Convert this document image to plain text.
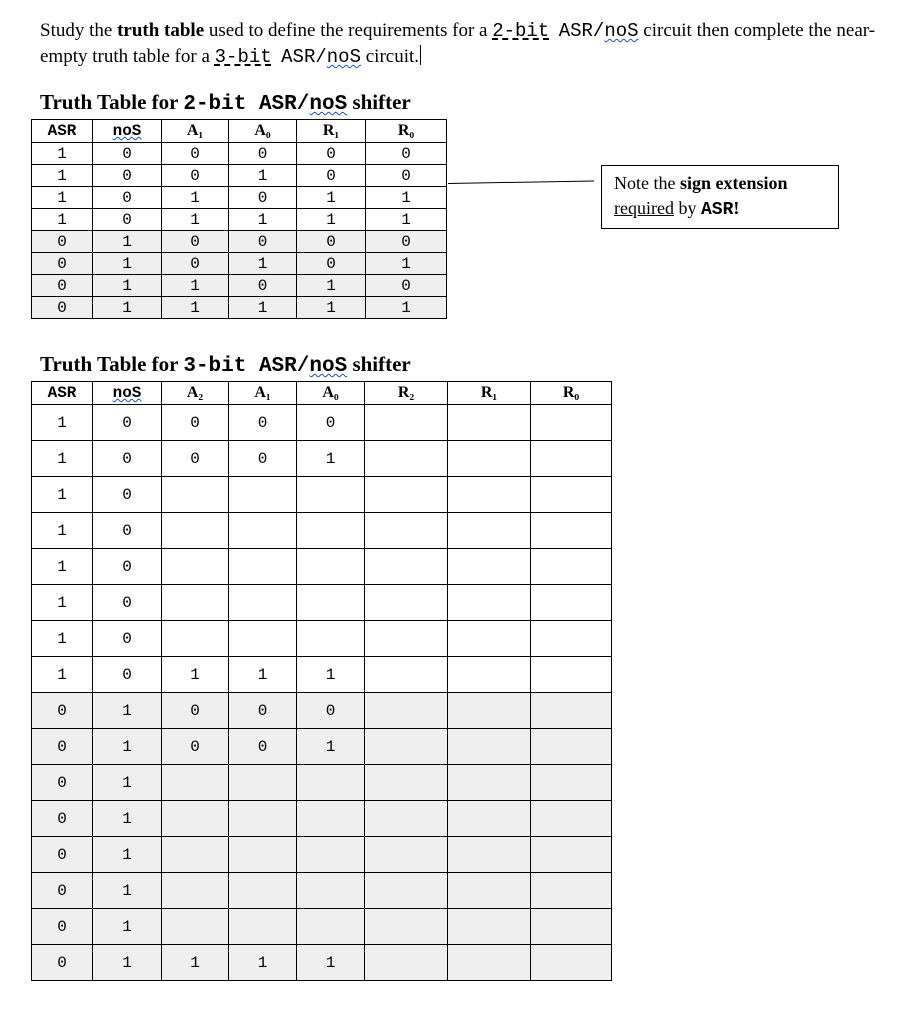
Study the truth table used to define the requirements for a 2-bit ASR/noS circuit then complete the near-empty truth table for a 3-bit ASR/noS circuit.
Truth Table for 2-bit ASR/noS shifter
ASR	noS	A₁	A₀	R₁	R₀
1	0	0	0	0	0
1	0	0	1	0	0
1	0	1	0	1	1
1	0	1	1	1	1
0	1	0	0	0	0
0	1	0	1	0	1
0	1	1	0	1	0
0	1	1	1	1	1
Note the sign extension required by ASR!
Truth Table for 3-bit ASR/noS shifter
ASR	noS	A₂	A₁	A₀	R₂	R₁	R₀
1	0	0	0	0			
1	0	0	0	1			
1	0						
1	0						
1	0						
1	0						
1	0						
1	0	1	1	1			
0	1	0	0	0			
0	1	0	0	1			
0	1						
0	1						
0	1						
0	1						
0	1						
0	1	1	1	1			
